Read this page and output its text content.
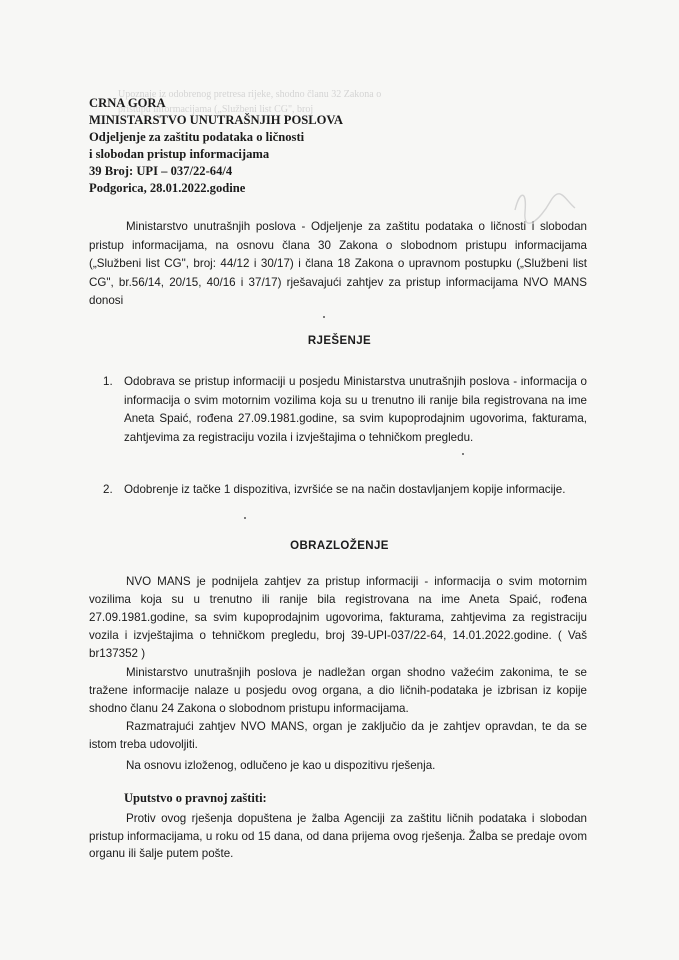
Upoznaje iz odobrenog pretresa rijeke, shodno članu 32 Zakona o
pristupu informacijama („Službeni list CG", broj
CRNA GORA
MINISTARSTVO UNUTRAŠNJIH POSLOVA
Odjeljenje za zaštitu podataka o ličnosti
i slobodan pristup informacijama
39 Broj: UPI – 037/22-64/4
Podgorica, 28.01.2022.godine
Ministarstvo unutrašnjih poslova - Odjeljenje za zaštitu podataka o ličnosti i slobodan pristup informacijama, na osnovu člana 30 Zakona o slobodnom pristupu informacijama („Službeni list CG", broj: 44/12 i 30/17) i člana 18 Zakona o upravnom postupku („Službeni list CG", br.56/14, 20/15, 40/16 i 37/17) rješavajući zahtjev za pristup informacijama NVO MANS donosi
RJEŠENJE
1. Odobrava se pristup informaciji u posjedu Ministarstva unutrašnjih poslova - informacija o informacija o svim motornim vozilima koja su u trenutno ili ranije bila registrovana na ime Aneta Spaić, rođena 27.09.1981.godine, sa svim kupoprodajnim ugovorima, fakturama, zahtjevima za registraciju vozila i izvještajima o tehničkom pregledu.
2. Odobrenje iz tačke 1 dispozitiva, izvršiće se na način dostavljanjem kopije informacije.
OBRAZLOŽENJE
NVO MANS je podnijela zahtjev za pristup informaciji - informacija o svim motornim vozilima koja su u trenutno ili ranije bila registrovana na ime Aneta Spaić, rođena 27.09.1981.godine, sa svim kupoprodajnim ugovorima, fakturama, zahtjevima za registraciju vozila i izvještajima o tehničkom pregledu, broj 39-UPI-037/22-64, 14.01.2022.godine. ( Vaš br137352 )
Ministarstvo unutrašnjih poslova je nadležan organ shodno važećim zakonima, te se tražene informacije nalaze u posjedu ovog organa, a dio ličnih-podataka je izbrisan iz kopije shodno članu 24 Zakona o slobodnom pristupu informacijama.
Razmatrajući zahtjev NVO MANS, organ je zaključio da je zahtjev opravdan, te da se istom treba udovoljiti.
Na osnovu izloženog, odlučeno je kao u dispozitivu rješenja.
Uputstvo o pravnoj zaštiti:
Protiv ovog rješenja dopuštena je žalba Agenciji za zaštitu ličnih podataka i slobodan pristup informacijama, u roku od 15 dana, od dana prijema ovog rješenja. Žalba se predaje ovom organu ili šalje putem pošte.
